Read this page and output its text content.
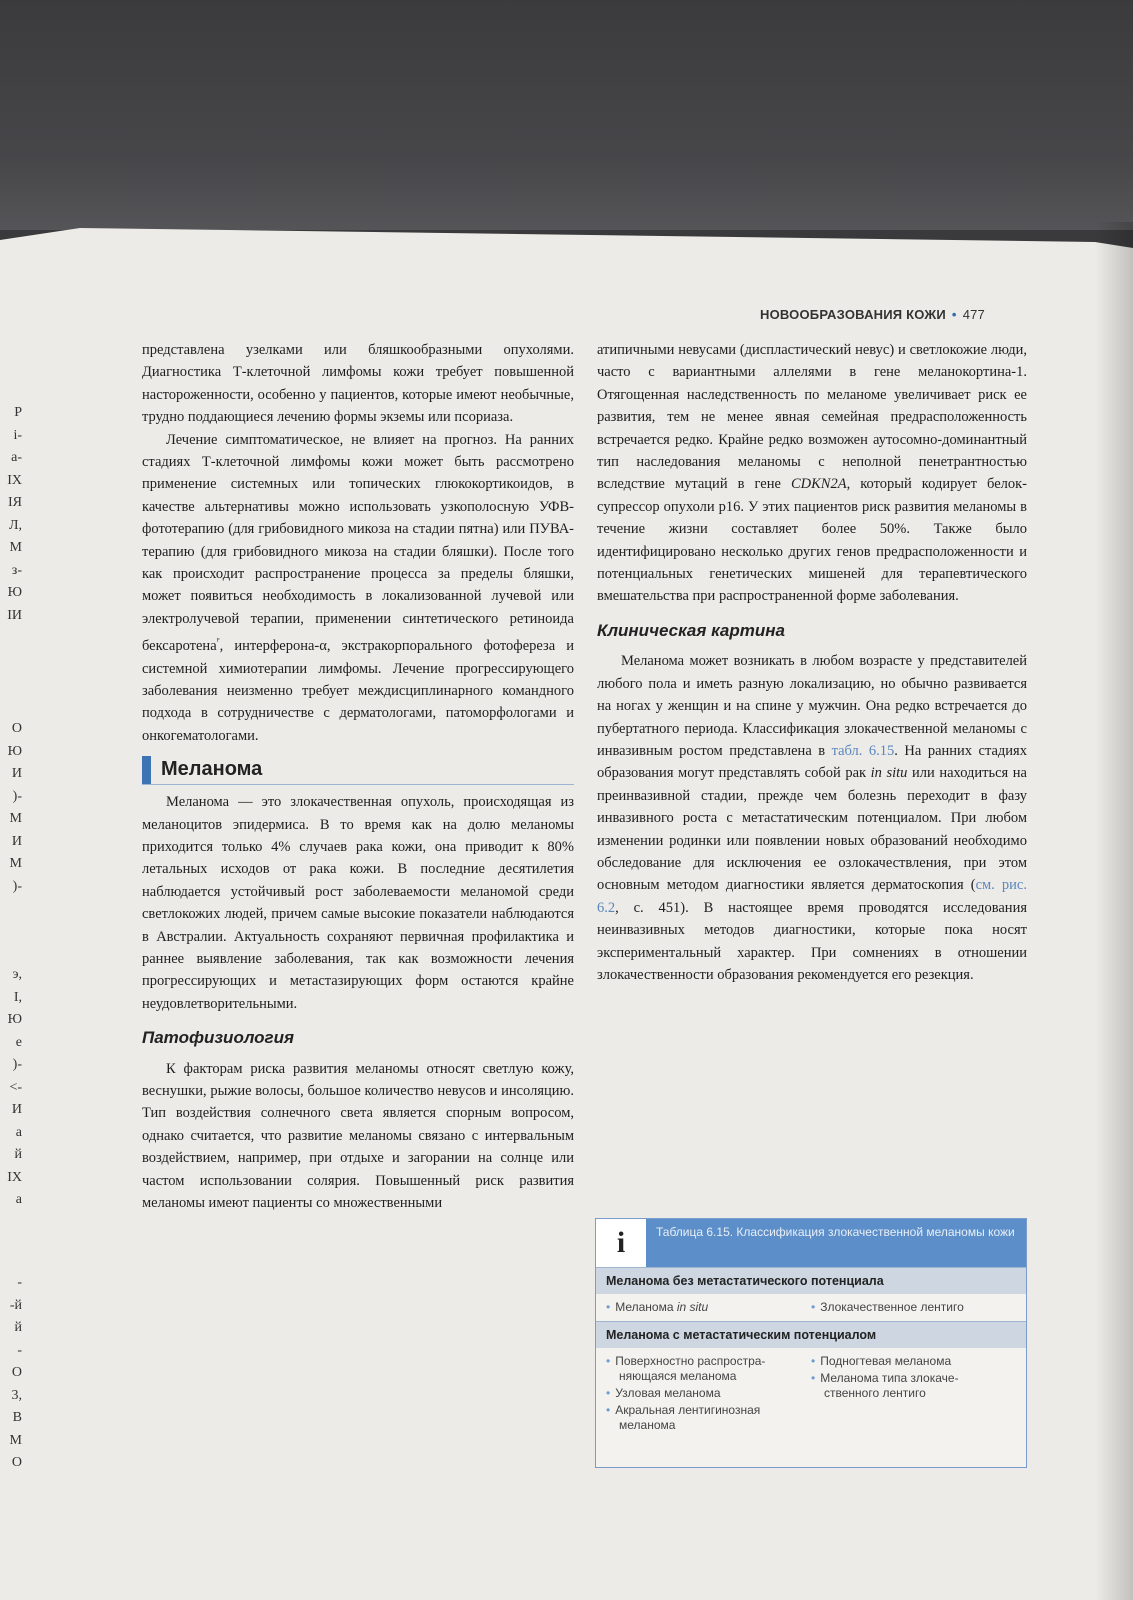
Р
і-
а-
IX
IЯ
Л,
М
з-
Ю
IИ
О
Ю
И
)-
М
И
М
)-
э,
I,
Ю
е
)-
<-
И
а
й
IX
а
-
-й
й
-
О
3,
В
М
О
НОВООБРАЗОВАНИЯ КОЖИ • 477

представлена узелками или бляшкообразными опухолями. Диагностика Т-клеточной лимфомы кожи требует повышенной настороженности, особенно у пациентов, которые имеют необычные, трудно поддающиеся лечению формы экземы или псориаза.

Лечение симптоматическое, не влияет на прогноз. На ранних стадиях Т-клеточной лимфомы кожи может быть рассмотрено применение системных или топических глюкокортикоидов, в качестве альтернативы можно использовать узкополосную УФВ-фототерапию (для грибовидного микоза на стадии пятна) или ПУВА-терапию (для грибовидного микоза на стадии бляшки). После того как происходит распространение процесса за пределы бляшки, может появиться необходимость в локализованной лучевой или электролучевой терапии, применении синтетического ретиноида бексаротена$^ᴾ$, интерферона-α, экстракорпорального фотофереза и системной химиотерапии лимфомы. Лечение прогрессирующего заболевания неизменно требует междисциплинарного командного подхода в сотрудничестве с дерматологами, патоморфологами и онкогематологами.

Меланома

Меланома — это злокачественная опухоль, происходящая из меланоцитов эпидермиса. В то время как на долю меланомы приходится только 4% случаев рака кожи, она приводит к 80% летальных исходов от рака кожи. В последние десятилетия наблюдается устойчивый рост заболеваемости меланомой среди светлокожих людей, причем самые высокие показатели наблюдаются в Австралии. Актуальность сохраняют первичная профилактика и раннее выявление заболевания, так как возможности лечения прогрессирующих и метастазирующих форм остаются крайне неудовлетворительными.

Патофизиология

К факторам риска развития меланомы относят светлую кожу, веснушки, рыжие волосы, большое количество невусов и инсоляцию. Тип воздействия солнечного света является спорным вопросом, однако считается, что развитие меланомы связано с интервальным воздействием, например, при отдыхе и загорании на солнце или частом использовании солярия. Повышенный риск развития меланомы имеют пациенты со множественными

атипичными невусами (диспластический невус) и светлокожие люди, часто с вариантными аллелями в гене меланокортина-1. Отягощенная наследственность по меланоме увеличивает риск ее развития, тем не менее явная семейная предрасположенность встречается редко. Крайне редко возможен аутосомно-доминантный тип наследования меланомы с неполной пенетрантностью вследствие мутаций в гене CDKN2A, который кодирует белок-супрессор опухоли p16. У этих пациентов риск развития меланомы в течение жизни составляет более 50%. Также было идентифицировано несколько других генов предрасположенности и потенциальных генетических мишеней для терапевтического вмешательства при распространенной форме заболевания.

Клиническая картина

Меланома может возникать в любом возрасте у представителей любого пола и иметь разную локализацию, но обычно развивается на ногах у женщин и на спине у мужчин. Она редко встречается до пубертатного периода. Классификация злокачественной меланомы с инвазивным ростом представлена в табл. 6.15. На ранних стадиях образования могут представлять собой рак in situ или находиться на преинвазивной стадии, прежде чем болезнь переходит в фазу инвазивного роста с метастатическим потенциалом. При любом изменении родинки или появлении новых образований необходимо обследование для исключения ее озлокачествления, при этом основным методом диагностики является дерматоскопия (см. рис. 6.2, с. 451). В настоящее время проводятся исследования неинвазивных методов диагностики, которые пока носят экспериментальный характер. При сомнениях в отношении злокачественности образования рекомендуется его резекция.

i	Таблица 6.15. Классификация злокачественной меланомы кожи
Меланома без метастатического потенциала
• Меланома in situ	• Злокачественное лентиго
Меланома с метастатическим потенциалом
• Поверхностно распростра-
няющаяся меланома
• Узловая меланома
• Акральная лентигинозная
меланома
• Подногтевая меланома
• Меланома типа злокаче-
ственного лентиго
